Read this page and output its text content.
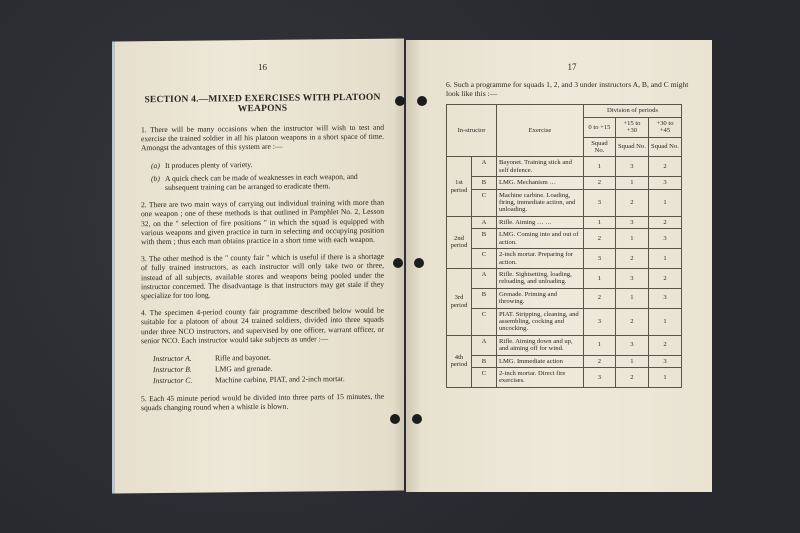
16
SECTION 4.—MIXED EXERCISES WITH PLATOON WEAPONS

1. There will be many occasions when the instructor will wish to test and exercise the trained soldier in all his platoon weapons in a short space of time. Amongst the advantages of this system are :—

(a) It produces plenty of variety.
(b) A quick check can be made of weaknesses in each weapon, and subsequent training can be arranged to eradicate them.

2. There are two main ways of carrying out individual training with more than one weapon ; one of these methods is that outlined in Pamphlet No. 2, Lesson 32, on the " selection of fire positions " in which the squad is equipped with various weapons and given practice in turn in selecting and occupying position with them ; thus each man obtains practice in a short time with each weapon.

3. The other method is the " county fair " which is useful if there is a shortage of fully trained instructors, as each instructor will only take two or three, instead of all subjects, available stores and weapons being pooled under the instructor concerned. The disadvantage is that instructors may get stale if they specialize for too long.

4. The specimen 4-period county fair programme described below would be suitable for a platoon of about 24 trained soldiers, divided into three squads under three NCO instructors, and supervised by one officer, warrant officer, or senior NCO. Each instructor would take subjects as under :—

Instructor A.	Rifle and bayonet.
Instructor B.	LMG and grenade.
Instructor C.	Machine carbine, PIAT, and 2-inch mortar.

5. Each 45 minute period would be divided into three parts of 15 minutes, the squads changing round when a whistle is blown.

17
6. Such a programme for squads 1, 2, and 3 under instructors A, B, and C might look like this :—
In-structor		Exercise	Division of periods		
			0 to +15	+15 to +30	+30 to +45
			Squad No.	Squad No.	Squad No.
1st period	A	Bayonet. Training stick and self defence.	1	3	2
	B	LMG. Mechanism …	2	1	3
	C	Machine carbine. Loading, firing, immediate action, and unloading.	3	2	1
2nd period	A	Rifle. Aiming … …	1	3	2
	B	LMG. Coming into and out of action.	2	1	3
	C	2-inch mortar. Preparing for action.	3	2	1
3rd period	A	Rifle. Sightsetting, loading, reloading, and unloading.	1	3	2
	B	Grenade. Priming and throwing.	2	1	3
	C	PIAT. Stripping, cleaning, and assembling, cocking and uncocking.	3	2	1
4th period	A	Rifle. Aiming down and up, and aiming off for wind.	1	3	2
	B	LMG. Immediate action	2	1	3
	C	2-inch mortar. Direct fire exercises.	3	2	1
